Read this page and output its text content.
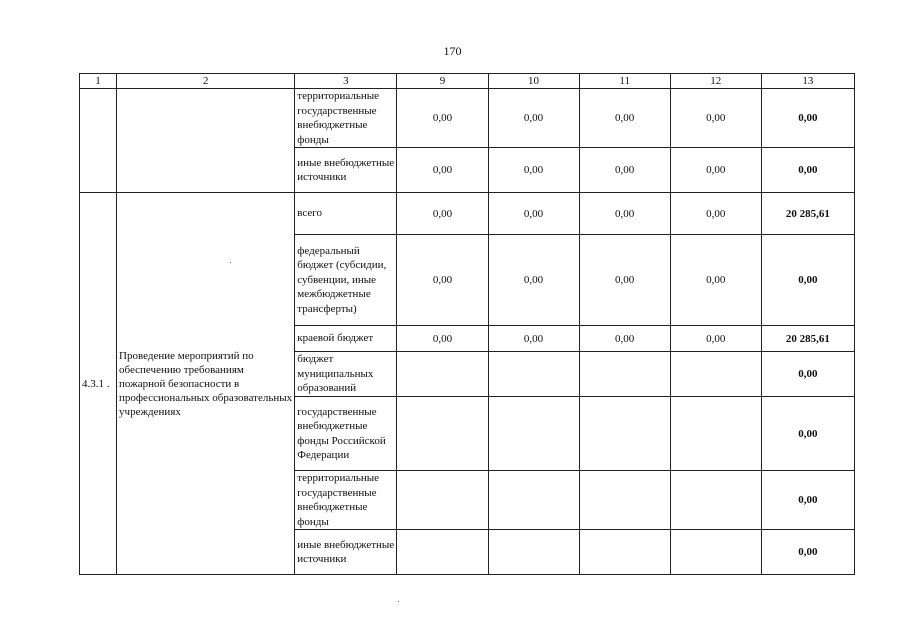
170
1	2	3	9	10	11	12	13
		территориальные государственные внебюджетные фонды	0,00	0,00	0,00	0,00	0,00
		иные внебюджетные источники	0,00	0,00	0,00	0,00	0,00
4.3.1 .	Проведение мероприятий по обеспечению требованиям пожарной безопасности в профессиональных образовательных учреждениях	всего	0,00	0,00	0,00	0,00	20 285,61
		федеральный бюджет (субсидии, субвенции, иные межбюджетные трансферты)	0,00	0,00	0,00	0,00	0,00
		краевой бюджет	0,00	0,00	0,00	0,00	20 285,61
		бюджет муниципальных образований					0,00
		государственные внебюджетные фонды Российской Федерации					0,00
		территориальные государственные внебюджетные фонды					0,00
		иные внебюджетные источники					0,00
